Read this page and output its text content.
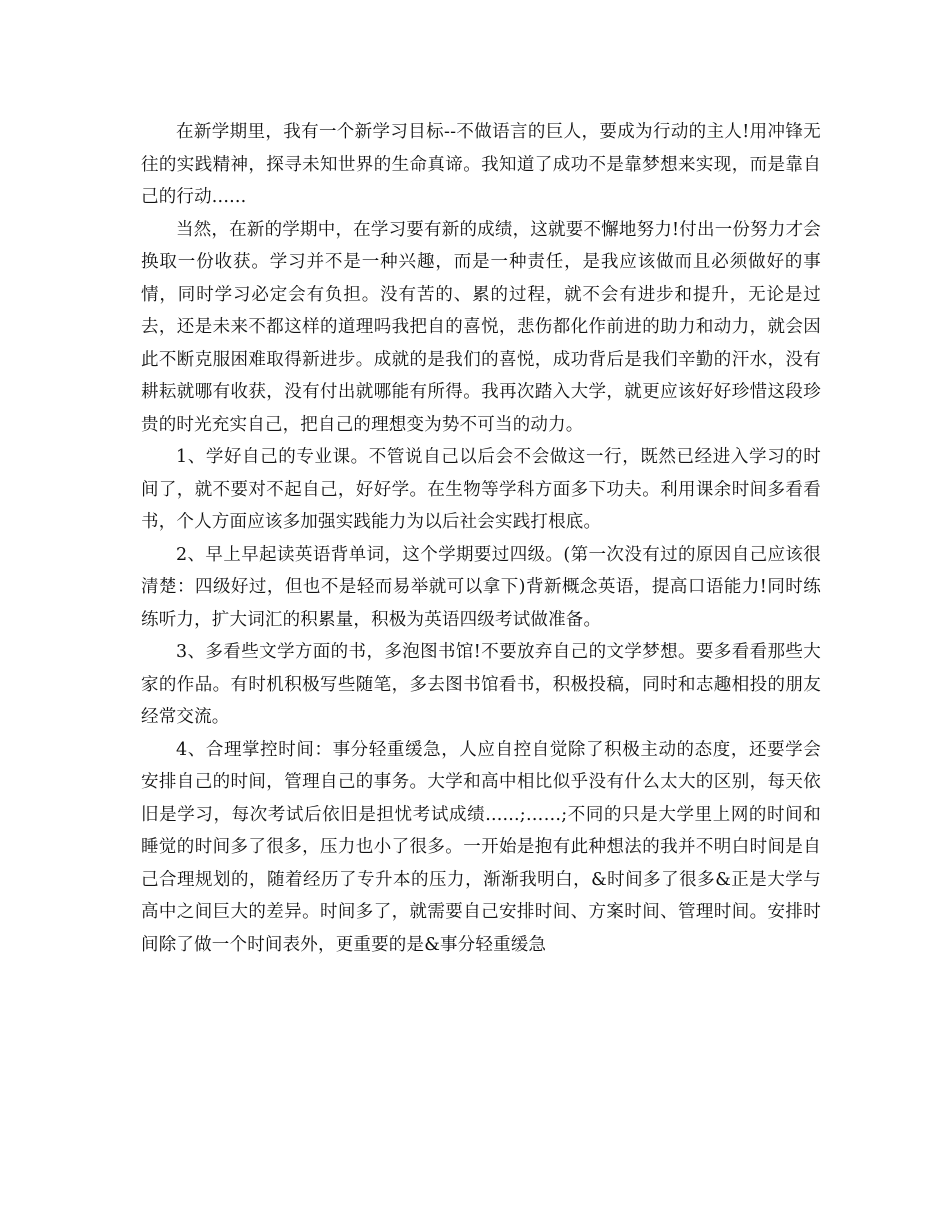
在新学期里，我有一个新学习目标--不做语言的巨人，要成为行动的主人!用冲锋无往的实践精神，探寻未知世界的生命真谛。我知道了成功不是靠梦想来实现，而是靠自己的行动......

当然，在新的学期中，在学习要有新的成绩，这就要不懈地努力!付出一份努力才会换取一份收获。学习并不是一种兴趣，而是一种责任，是我应该做而且必须做好的事情，同时学习必定会有负担。没有苦的、累的过程，就不会有进步和提升，无论是过去，还是未来不都这样的道理吗我把自的喜悦，悲伤都化作前进的助力和动力，就会因此不断克服困难取得新进步。成就的是我们的喜悦，成功背后是我们辛勤的汗水，没有耕耘就哪有收获，没有付出就哪能有所得。我再次踏入大学，就更应该好好珍惜这段珍贵的时光充实自己，把自己的理想变为势不可当的动力。

1、学好自己的专业课。不管说自己以后会不会做这一行，既然已经进入学习的时间了，就不要对不起自己，好好学。在生物等学科方面多下功夫。利用课余时间多看看书，个人方面应该多加强实践能力为以后社会实践打根底。

2、早上早起读英语背单词，这个学期要过四级。(第一次没有过的原因自己应该很清楚：四级好过，但也不是轻而易举就可以拿下)背新概念英语，提高口语能力!同时练练听力，扩大词汇的积累量，积极为英语四级考试做准备。

3、多看些文学方面的书，多泡图书馆!不要放弃自己的文学梦想。要多看看那些大家的作品。有时机积极写些随笔，多去图书馆看书，积极投稿，同时和志趣相投的朋友经常交流。

4、合理掌控时间：事分轻重缓急，人应自控自觉除了积极主动的态度，还要学会安排自己的时间，管理自己的事务。大学和高中相比似乎没有什么太大的区别，每天依旧是学习，每次考试后依旧是担忧考试成绩......;……;不同的只是大学里上网的时间和睡觉的时间多了很多，压力也小了很多。一开始是抱有此种想法的我并不明白时间是自己合理规划的，随着经历了专升本的压力，渐渐我明白，&时间多了很多&正是大学与高中之间巨大的差异。时间多了，就需要自己安排时间、方案时间、管理时间。安排时间除了做一个时间表外，更重要的是&事分轻重缓急
